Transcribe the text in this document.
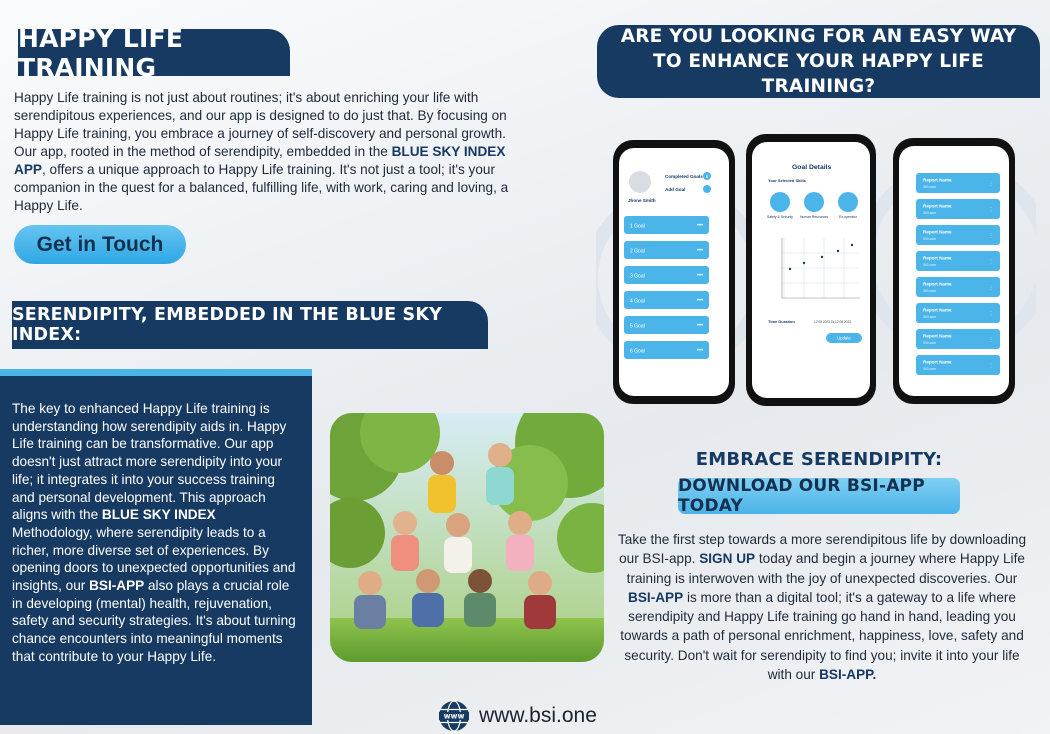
HAPPY LIFE TRAINING

Happy Life training is not just about routines; it's about enriching your life with serendipitous experiences, and our app is designed to do just that. By focusing on Happy Life training, you embrace a journey of self-discovery and personal growth. Our app, rooted in the method of serendipity, embedded in the BLUE SKY INDEX APP, offers a unique approach to Happy Life training. It's not just a tool; it's your companion in the quest for a balanced, fulfilling life, with work, caring and loving, a Happy Life.

Get in Touch
SERENDIPITY, EMBEDDED IN THE BLUE SKY INDEX:
The key to enhanced Happy Life training is understanding how serendipity aids in. Happy Life training can be transformative. Our app doesn't just attract more serendipity into your life; it integrates it into your success training and personal development. This approach aligns with the BLUE SKY INDEX Methodology, where serendipity leads to a richer, more diverse set of experiences. By opening doors to unexpected opportunities and insights, our BSI-APP also plays a crucial role in developing (mental) health, rejuvenation, safety and security strategies. It's about turning chance encounters into meaningful moments that contribute to your Happy Life.
www www.bsi.one
ARE YOU LOOKING FOR AN EASY WAY TO ENHANCE YOUR HAPPY LIFE TRAINING?
Jhone Smith
Completed Goals 6
Add Goal
1 Goal	•••
2 Goal	•••
3 Goal	•••
4 Goal	•••
5 Goal	•••
6 Goal	•••
Goal Details
Your Selected Skills
Safety & Security Human Resources	Ex-operator
Time Duration	12.08.2023 To 12.08.2023
Update
Report Name
000.com	⋮
Report Name
000.com	⋮
Report Name
000.com	⋮
Report Name
000.com	⋮
Report Name
000.com	⋮
Report Name
000.com	⋮
Report Name
000.com	⋮
Report Name
000.com	⋮
EMBRACE SERENDIPITY:
DOWNLOAD OUR BSI-APP TODAY

Take the first step towards a more serendipitous life by downloading our BSI-app. SIGN UP today and begin a journey where Happy Life training is interwoven with the joy of unexpected discoveries. Our BSI-APP is more than a digital tool; it's a gateway to a life where serendipity and Happy Life training go hand in hand, leading you towards a path of personal enrichment, happiness, love, safety and security. Don't wait for serendipity to find you; invite it into your life with our BSI-APP.
